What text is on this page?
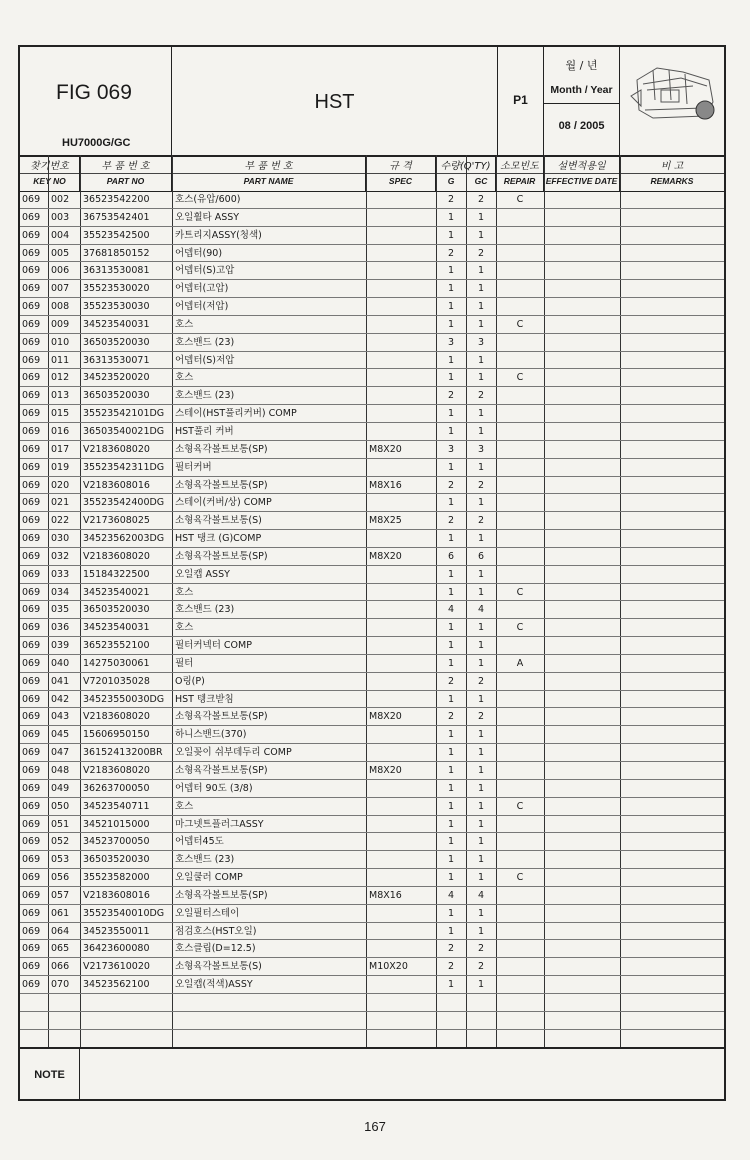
FIG 069
HU7000G/GC
HST	P1
월 / 년
Month / Year
08 / 2005
찾기번호
KEY NO
부 품 번 호
PART NO
부 품 번 호
PART NAME
규 격
SPEC
수량(Q'TY)
G	GC
소모빈도
REPAIR
설변적용일
EFFECTIVE DATE
비 고
REMARKS
069	002	36523542200	호스(유압/600)	2	2	C
069	003	36753542401	오일휠타 ASSY	1	1
069	004	35523542500	카트리지ASSY(청색)	1	1
069	005	37681850152	어뎁터(90)	2	2
069	006	36313530081	어뎁터(S)고압	1	1
069	007	35523530020	어뎁터(고압)	1	1
069	008	35523530030	어뎁터(저압)	1	1
069	009	34523540031	호스	1	1	C
069	010	36503520030	호스밴드 (23)	3	3
069	011	36313530071	어뎁터(S)저압	1	1
069	012	34523520020	호스	1	1	C
069	013	36503520030	호스밴드 (23)	2	2
069	015	35523542101DG	스테이(HST풀리커버) COMP	1	1
069	016	36503540021DG	HST풀리 커버	1	1
069	017	V2183608020	소형육각볼트보통(SP)	M8X20	3	3
069	019	35523542311DG	필터커버	1	1
069	020	V2183608016	소형육각볼트보통(SP)	M8X16	2	2
069	021	35523542400DG	스테이(커버/상) COMP	1	1
069	022	V2173608025	소형육각볼트보통(S)	M8X25	2	2
069	030	34523562003DG	HST 탱크 (G)COMP	1	1
069	032	V2183608020	소형육각볼트보통(SP)	M8X20	6	6
069	033	15184322500	오일캡 ASSY	1	1
069	034	34523540021	호스	1	1	C
069	035	36503520030	호스밴드 (23)	4	4
069	036	34523540031	호스	1	1	C
069	039	36523552100	필터커넥터 COMP	1	1
069	040	14275030061	필터	1	1	A
069	041	V7201035028	O링(P)	2	2
069	042	34523550030DG	HST 텡크받침	1	1
069	043	V2183608020	소형육각볼트보통(SP)	M8X20	2	2
069	045	15606950150	하니스밴드(370)	1	1
069	047	36152413200BR	오일꽂이 쉬부데두리 COMP	1	1
069	048	V2183608020	소형육각볼트보통(SP)	M8X20	1	1
069	049	36263700050	어뎁터 90도 (3/8)	1	1
069	050	34523540711	호스	1	1	C
069	051	34521015000	마그넷트플러그ASSY	1	1
069	052	34523700050	어뎁터45도	1	1
069	053	36503520030	호스밴드 (23)	1	1
069	056	35523582000	오일쿨러 COMP	1	1	C
069	057	V2183608016	소형육각볼트보통(SP)	M8X16	4	4
069	061	35523540010DG	오일필터스테이	1	1
069	064	34523550011	점검호스(HST오일)	1	1
069	065	36423600080	호스클립(D=12.5)	2	2
069	066	V2173610020	소형육각볼트보통(S)	M10X20	2	2
069	070	34523562100	오일캡(적색)ASSY	1	1
NOTE
167
